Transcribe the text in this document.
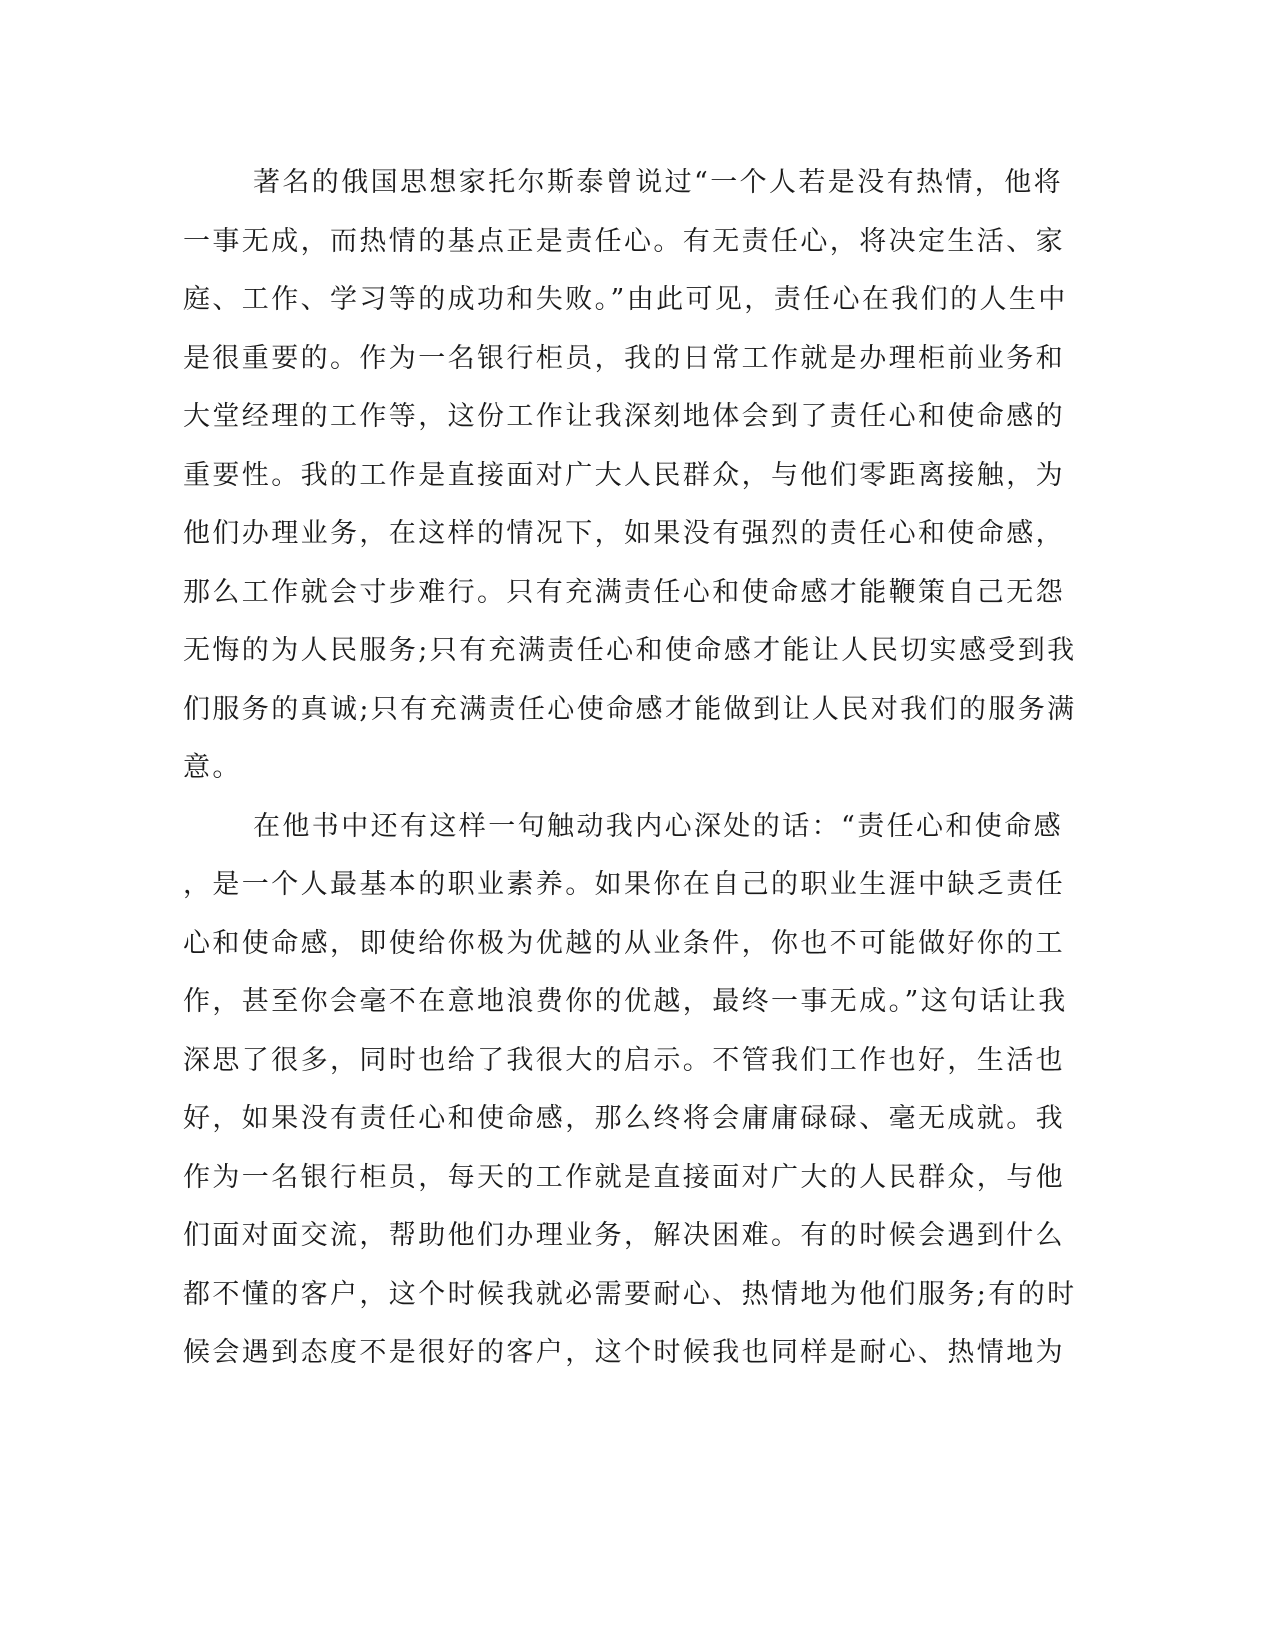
著名的俄国思想家托尔斯泰曾说过“一个人若是没有热情，他将
一事无成，而热情的基点正是责任心。有无责任心，将决定生活、家
庭、工作、学习等的成功和失败。”由此可见，责任心在我们的人生中
是很重要的。作为一名银行柜员，我的日常工作就是办理柜前业务和
大堂经理的工作等，这份工作让我深刻地体会到了责任心和使命感的
重要性。我的工作是直接面对广大人民群众，与他们零距离接触，为
他们办理业务，在这样的情况下，如果没有强烈的责任心和使命感，
那么工作就会寸步难行。只有充满责任心和使命感才能鞭策自己无怨
无悔的为人民服务;只有充满责任心和使命感才能让人民切实感受到我
们服务的真诚;只有充满责任心使命感才能做到让人民对我们的服务满
意。
在他书中还有这样一句触动我内心深处的话：“责任心和使命感
，是一个人最基本的职业素养。如果你在自己的职业生涯中缺乏责任
心和使命感，即使给你极为优越的从业条件，你也不可能做好你的工
作，甚至你会毫不在意地浪费你的优越，最终一事无成。”这句话让我
深思了很多，同时也给了我很大的启示。不管我们工作也好，生活也
好，如果没有责任心和使命感，那么终将会庸庸碌碌、毫无成就。我
作为一名银行柜员，每天的工作就是直接面对广大的人民群众，与他
们面对面交流，帮助他们办理业务，解决困难。有的时候会遇到什么
都不懂的客户，这个时候我就必需要耐心、热情地为他们服务;有的时
候会遇到态度不是很好的客户，这个时候我也同样是耐心、热情地为
